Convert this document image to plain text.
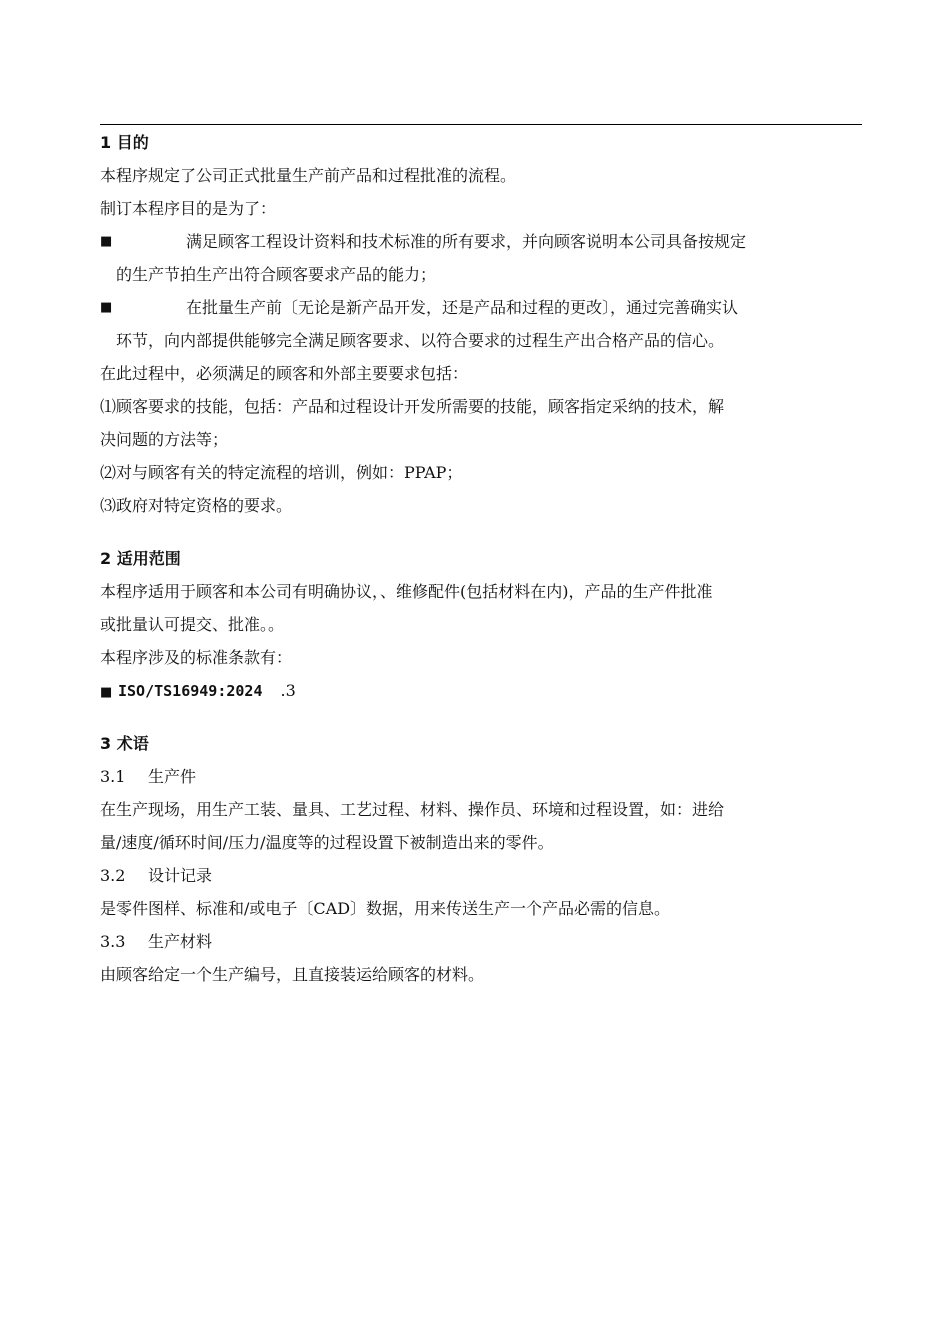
1 目的
本程序规定了公司正式批量生产前产品和过程批准的流程。
制订本程序目的是为了：
■	满足顾客工程设计资料和技术标准的所有要求，并向顾客说明本公司具备按规定
的生产节拍生产出符合顾客要求产品的能力；
■	在批量生产前〔无论是新产品开发，还是产品和过程的更改〕，通过完善确实认
环节，向内部提供能够完全满足顾客要求、以符合要求的过程生产出合格产品的信心。
在此过程中，必须满足的顾客和外部主要要求包括：
⑴顾客要求的技能，包括：产品和过程设计开发所需要的技能，顾客指定采纳的技术，解
决问题的方法等；
⑵对与顾客有关的特定流程的培训，例如：PPAP；
⑶政府对特定资格的要求。
2 适用范围
本程序适用于顾客和本公司有明确协议，、维修配件(包括材料在内)，产品的生产件批准
或批量认可提交、批准。。
本程序涉及的标准条款有：
■ ISO/TS16949:2024 .3
3 术语
3.1 生产件
在生产现场，用生产工装、量具、工艺过程、材料、操作员、环境和过程设置，如：进给
量/速度/循环时间/压力/温度等的过程设置下被制造出来的零件。
3.2 设计记录
是零件图样、标准和/或电子〔CAD〕数据，用来传送生产一个产品必需的信息。
3.3 生产材料
由顾客给定一个生产编号，且直接装运给顾客的材料。
